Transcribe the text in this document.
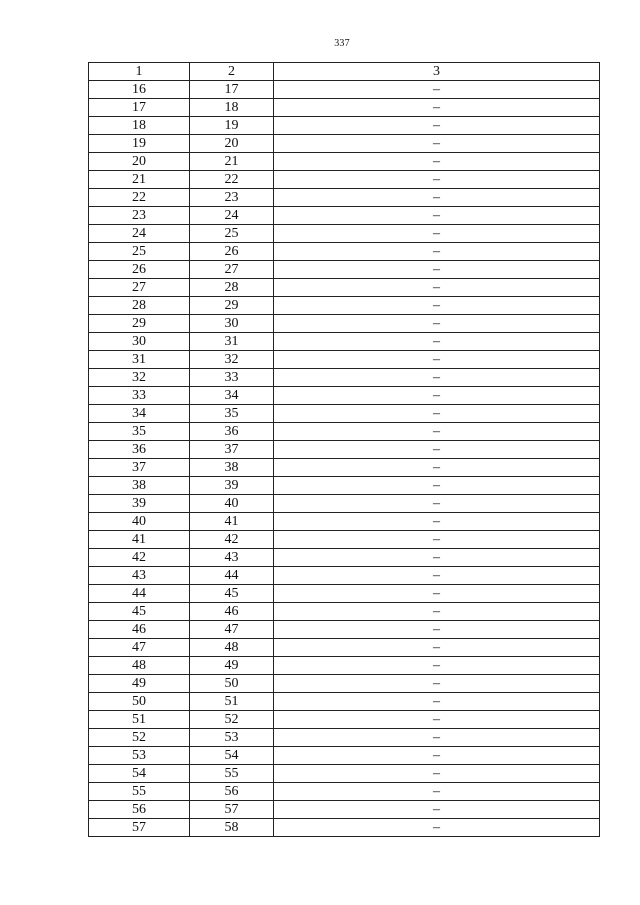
337
1	2	3
16	17	–
17	18	–
18	19	–
19	20	–
20	21	–
21	22	–
22	23	–
23	24	–
24	25	–
25	26	–
26	27	–
27	28	–
28	29	–
29	30	–
30	31	–
31	32	–
32	33	–
33	34	–
34	35	–
35	36	–
36	37	–
37	38	–
38	39	–
39	40	–
40	41	–
41	42	–
42	43	–
43	44	–
44	45	–
45	46	–
46	47	–
47	48	–
48	49	–
49	50	–
50	51	–
51	52	–
52	53	–
53	54	–
54	55	–
55	56	–
56	57	–
57	58	–
